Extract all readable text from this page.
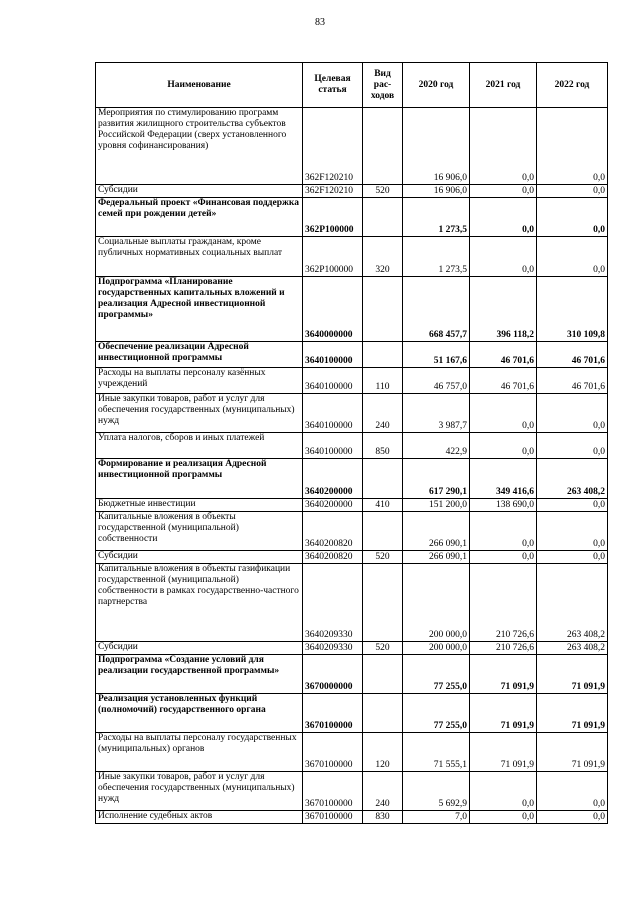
83
Наименование	Целевая статья	Вид рас-ходов	2020 год	2021 год	2022 год
Мероприятия по стимулированию программ развития жилищного строительства субъектов Российской Федерации (сверх установленного уровня софинансирования)	362F120210		16 906,0	0,0	0,0
Субсидии	362F120210	520	16 906,0	0,0	0,0
Федеральный проект «Финансовая поддержка семей при рождении детей»	362P100000		1 273,5	0,0	0,0
Социальные выплаты гражданам, кроме публичных нормативных социальных выплат	362P100000	320	1 273,5	0,0	0,0
Подпрограмма «Планирование государственных капитальных вложений и реализация Адресной инвестиционной программы»	3640000000		668 457,7	396 118,2	310 109,8
Обеспечение реализации Адресной инвестиционной программы	3640100000		51 167,6	46 701,6	46 701,6
Расходы на выплаты персоналу казённых учреждений	3640100000	110	46 757,0	46 701,6	46 701,6
Иные закупки товаров, работ и услуг для обеспечения государственных (муниципальных) нужд	3640100000	240	3 987,7	0,0	0,0
Уплата налогов, сборов и иных платежей	3640100000	850	422,9	0,0	0,0
Формирование и реализация Адресной инвестиционной программы	3640200000		617 290,1	349 416,6	263 408,2
Бюджетные инвестиции	3640200000	410	151 200,0	138 690,0	0,0
Капитальные вложения в объекты государственной (муниципальной) собственности	3640200820		266 090,1	0,0	0,0
Субсидии	3640200820	520	266 090,1	0,0	0,0
Капитальные вложения в объекты газификации государственной (муниципальной) собственности в рамках государственно-частного партнерства	3640209330		200 000,0	210 726,6	263 408,2
Субсидии	3640209330	520	200 000,0	210 726,6	263 408,2
Подпрограмма «Создание условий для реализации государственной программы»	3670000000		77 255,0	71 091,9	71 091,9
Реализация установленных функций (полномочий) государственного органа	3670100000		77 255,0	71 091,9	71 091,9
Расходы на выплаты персоналу государственных (муниципальных) органов	3670100000	120	71 555,1	71 091,9	71 091,9
Иные закупки товаров, работ и услуг для обеспечения государственных (муниципальных) нужд	3670100000	240	5 692,9	0,0	0,0
Исполнение судебных актов	3670100000	830	7,0	0,0	0,0
